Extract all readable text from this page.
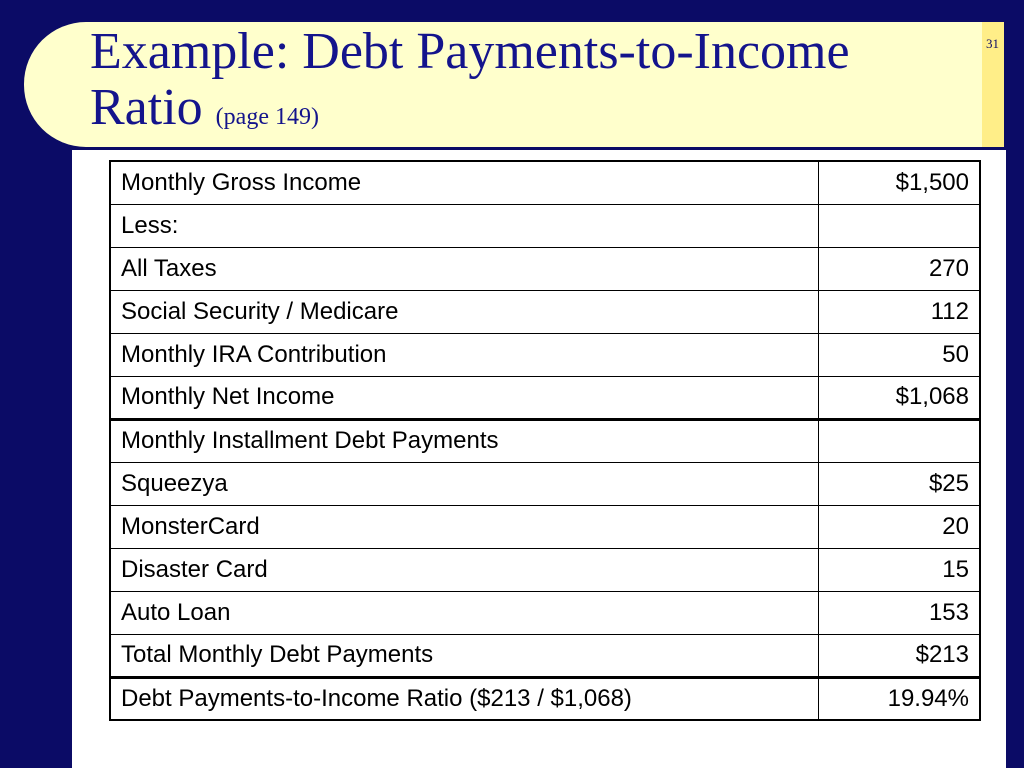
31
Example: Debt Payments-to-Income Ratio (page 149)
Monthly Gross Income	$1,500
Less:	
All Taxes	270
Social Security / Medicare	112
Monthly IRA Contribution	50
Monthly Net Income	$1,068
Monthly Installment Debt Payments	
Squeezya	$25
MonsterCard	20
Disaster Card	15
Auto Loan	153
Total Monthly Debt Payments	$213
Debt Payments-to-Income Ratio ($213 / $1,068)	19.94%
